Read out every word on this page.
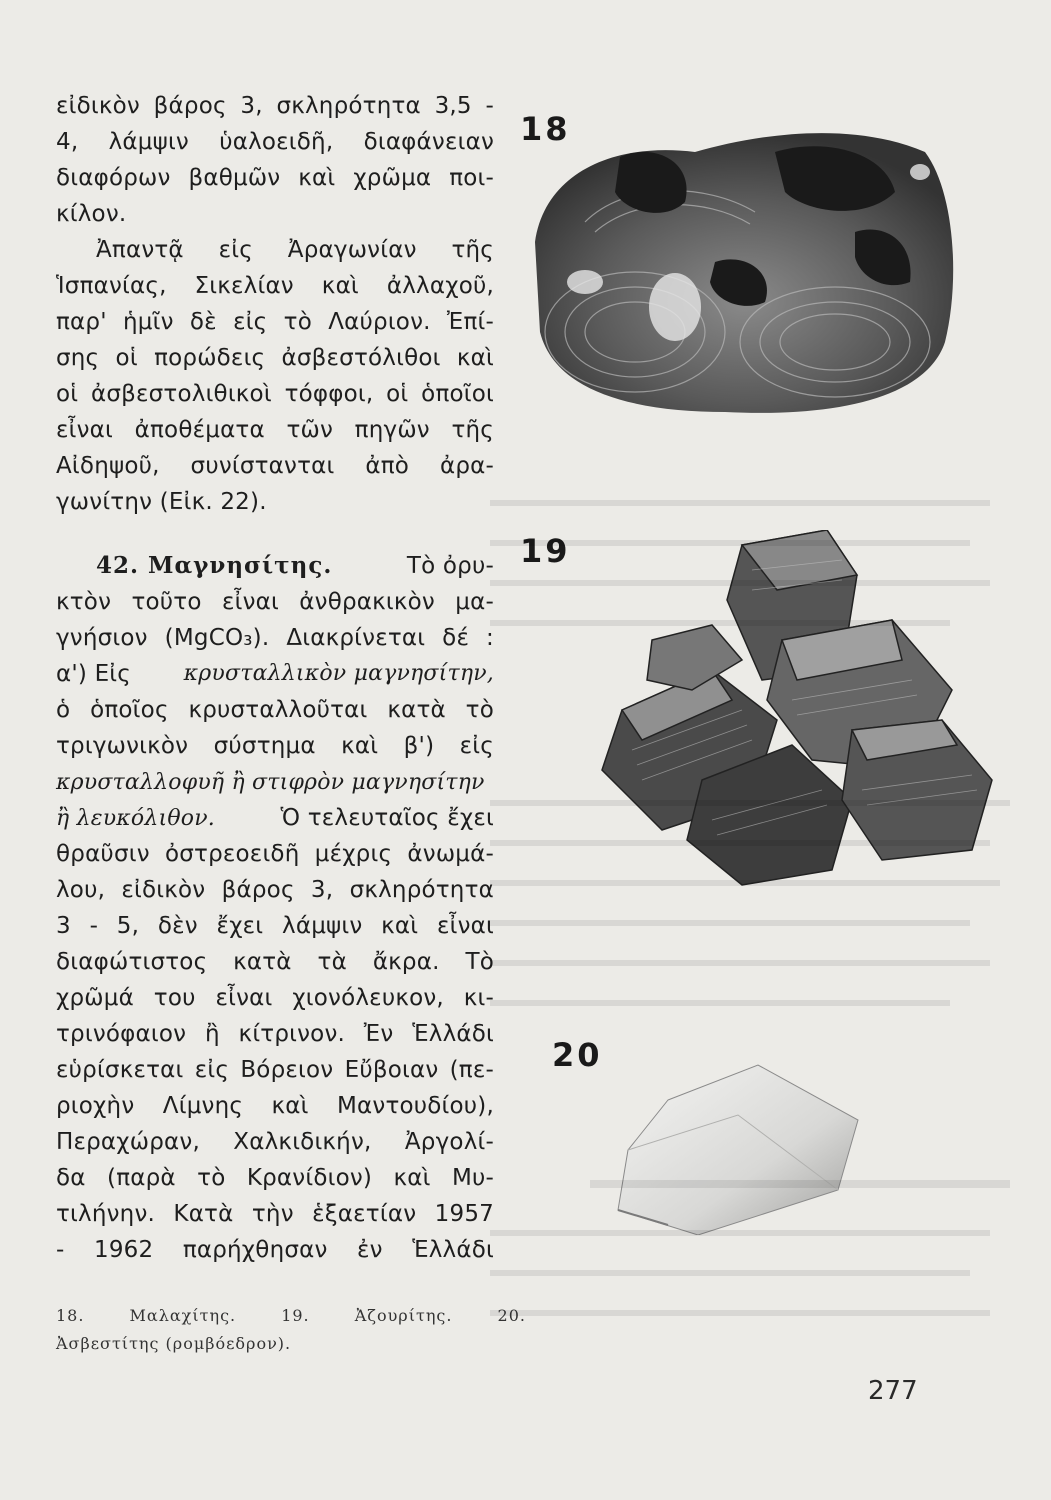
εἰδικὸν βάρος 3, σκληρότητα 3,5 -
4, λάμψιν ὑαλοειδῆ, διαφάνειαν
διαφόρων βαθμῶν καὶ χρῶμα ποι-
κίλον.
Ἀπαντᾷ εἰς Ἀραγωνίαν τῆς
Ἱσπανίας, Σικελίαν καὶ ἀλλαχοῦ,
παρ' ἡμῖν δὲ εἰς τὸ Λαύριον. Ἐπί-
σης οἱ πορώδεις ἀσβεστόλιθοι καὶ
οἱ ἀσβεστολιθικοὶ τόφφοι, οἱ ὁποῖοι
εἶναι ἀποθέματα τῶν πηγῶν τῆς
Αἰδηψοῦ, συνίστανται ἀπὸ ἀρα-
γωνίτην (Εἰκ. 22).
42. Μαγνησίτης.	Τὸ ὀρυ-
κτὸν τοῦτο εἶναι ἀνθρακικὸν μα-
γνήσιον (MgCO₃). Διακρίνεται δέ :
α') Εἰς κρυσταλλικὸν μαγνησίτην,
ὁ ὁποῖος κρυσταλλοῦται κατὰ τὸ
τριγωνικὸν σύστημα καὶ β') εἰς
κρυσταλλοφυῆ ἢ στιφρὸν μαγνησίτην
ἢ λευκόλιθον.	Ὁ τελευταῖος ἔχει
θραῦσιν ὀστρεοειδῆ μέχρις ἀνωμά-
λου, εἰδικὸν βάρος 3, σκληρότητα
3 - 5, δὲν ἔχει λάμψιν καὶ εἶναι
διαφώτιστος κατὰ τὰ ἄκρα. Τὸ
χρῶμά του εἶναι χιονόλευκον, κι-
τρινόφαιον ἢ κίτρινον. Ἐν Ἑλλάδι
εὑρίσκεται εἰς Βόρειον Εὔβοιαν (πε-
ριοχὴν Λίμνης καὶ Μαντουδίου),
Περαχώραν, Χαλκιδικήν, Ἀργολί-
δα (παρὰ τὸ Κρανίδιον) καὶ Μυ-
τιλήνην. Κατὰ τὴν ἑξαετίαν 1957
- 1962 παρήχθησαν ἐν Ἑλλάδι
18
19
20
18. Μαλαχίτης. 19. Ἀζουρίτης. 20.
Ἀσβεστίτης (ρομβόεδρον).
277
